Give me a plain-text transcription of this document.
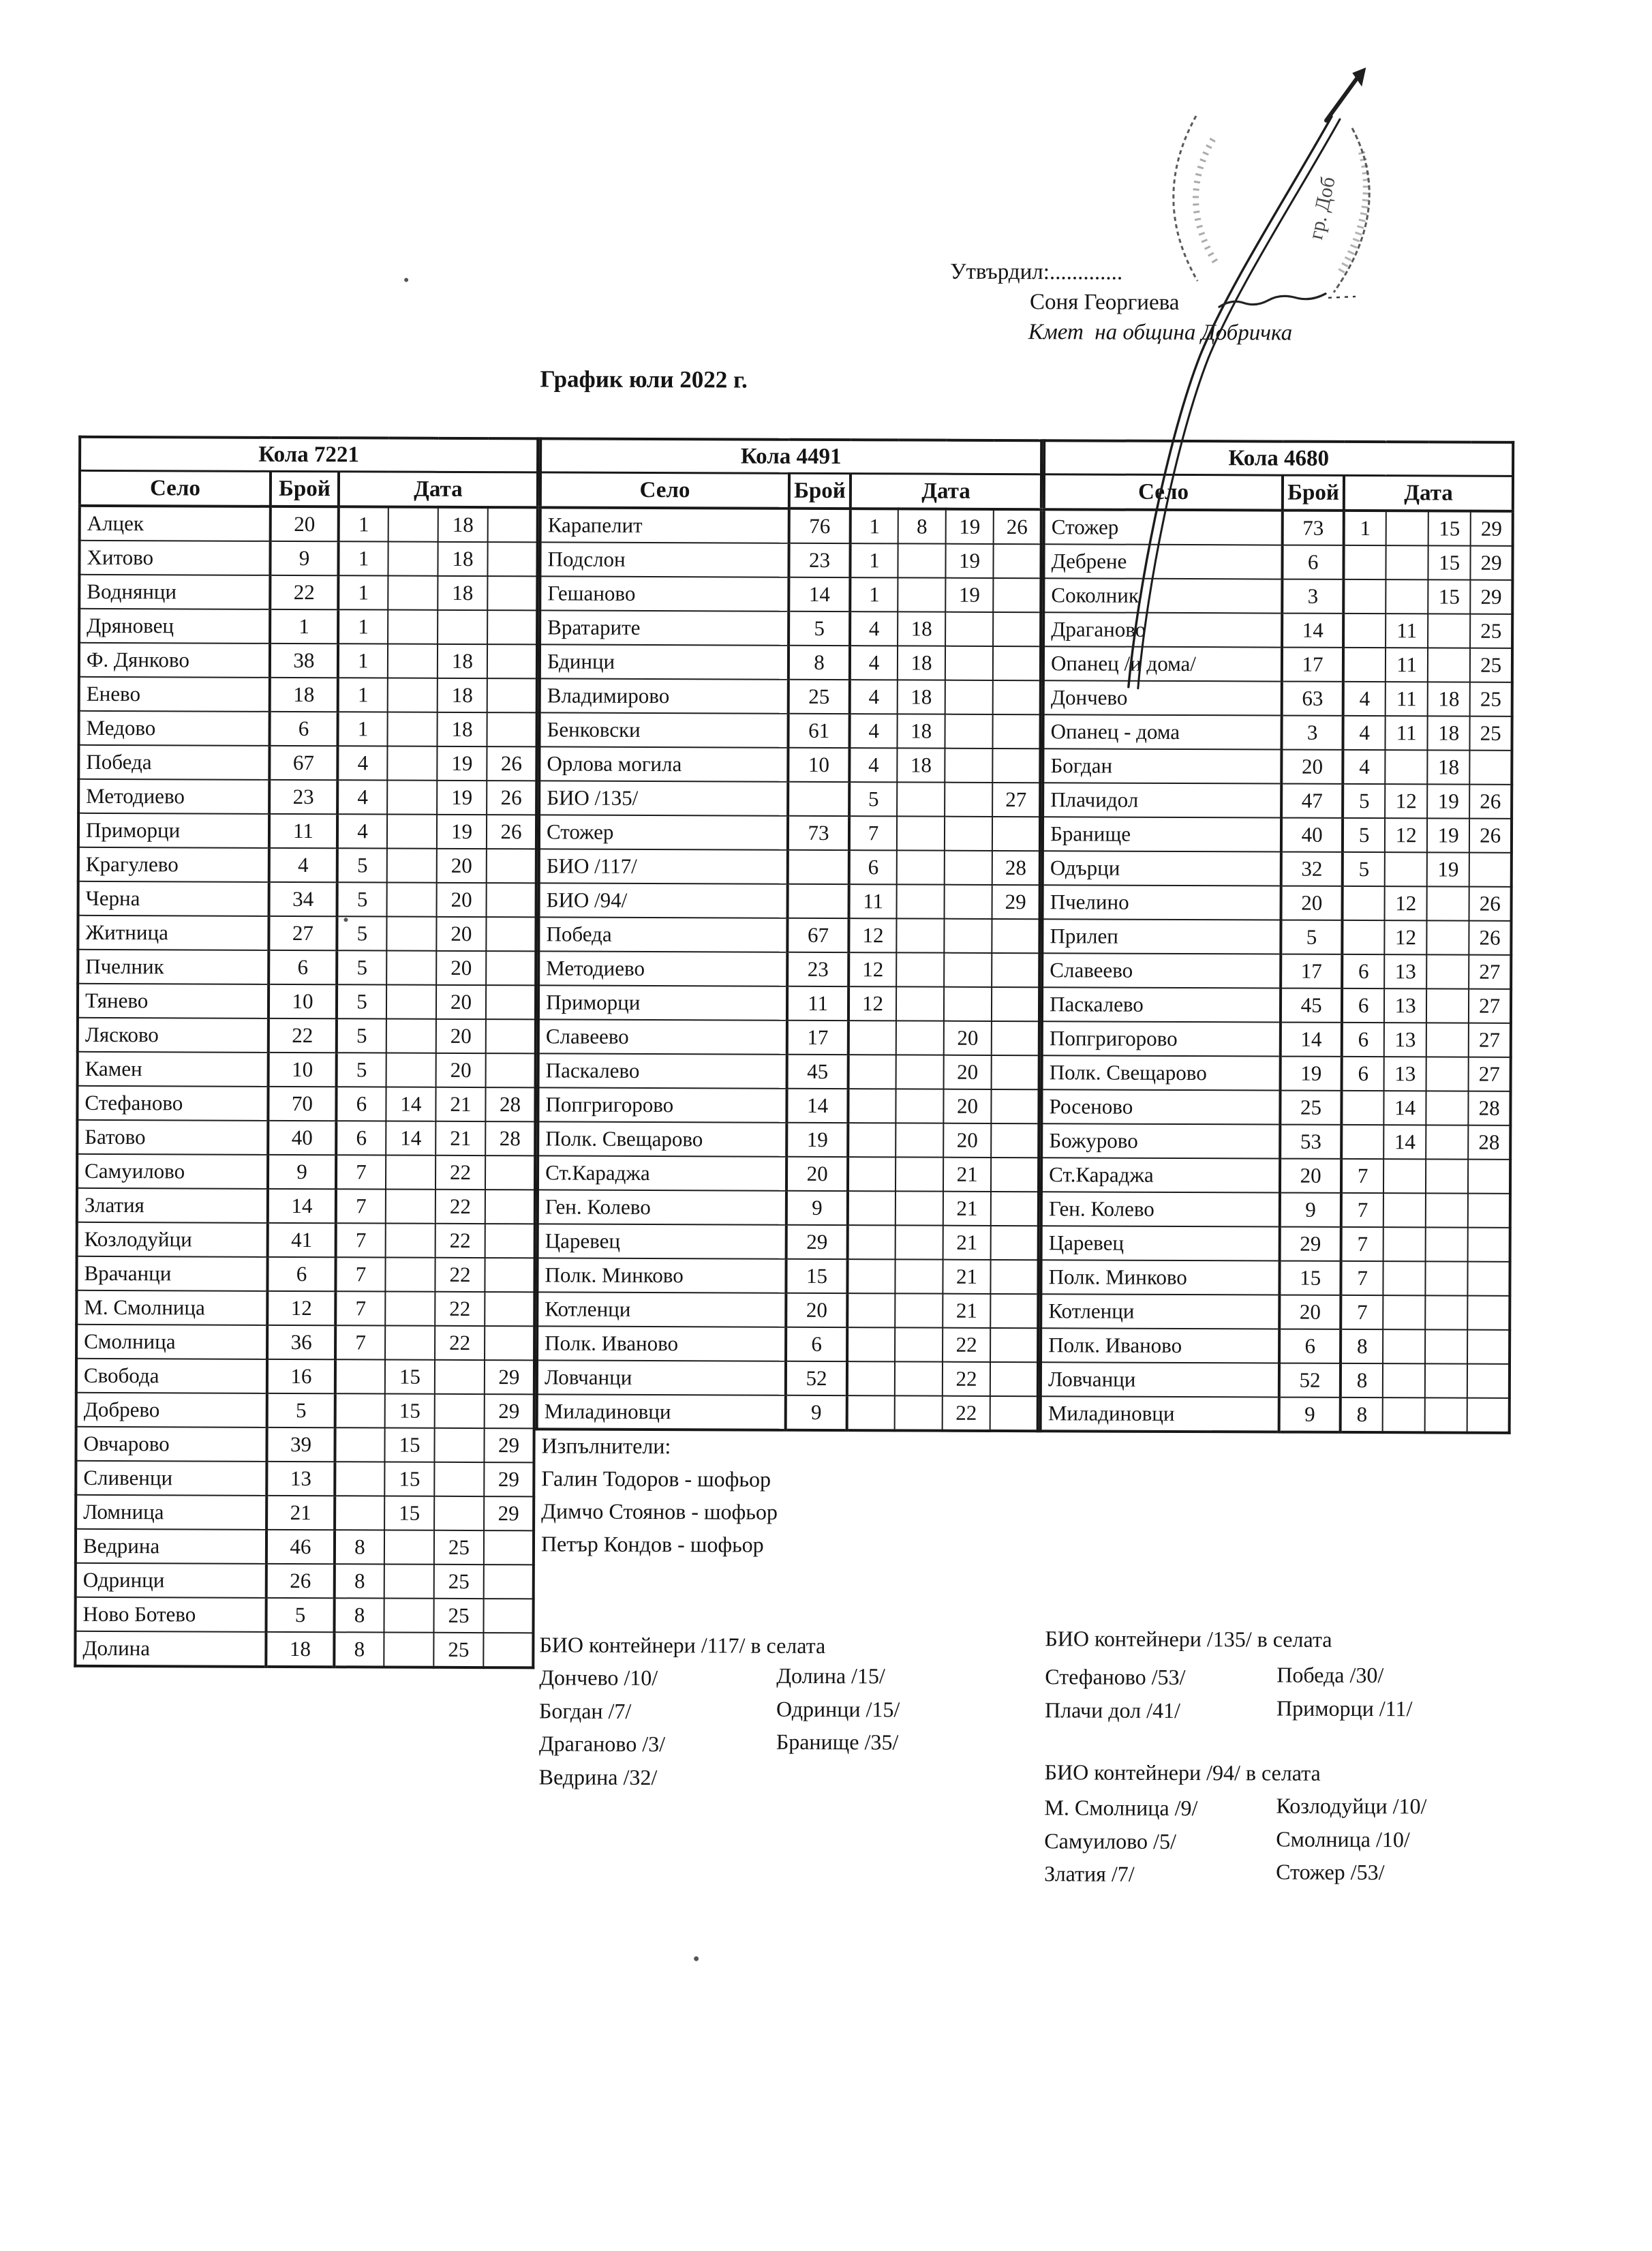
Утвърдил:.............
Соня Георгиева
Кмет  на община Добричка
График юли 2022 г.
Кола 7221					
Село	Брой	Дата			
Алцек	20	1		18	
Хитово	9	1		18	
Воднянци	22	1		18	
Дряновец	1	1			
Ф. Дянково	38	1		18	
Енево	18	1		18	
Медово	6	1		18	
Победа	67	4		19	26
Методиево	23	4		19	26
Приморци	11	4		19	26
Крагулево	4	5		20	
Черна	34	5		20	
Житница	27	5		20	
Пчелник	6	5		20	
Тянево	10	5		20	
Лясково	22	5		20	
Камен	10	5		20	
Стефаново	70	6	14	21	28
Батово	40	6	14	21	28
Самуилово	9	7		22	
Златия	14	7		22	
Козлодуйци	41	7		22	
Врачанци	6	7		22	
М. Смолница	12	7		22	
Смолница	36	7		22	
Свобода	16		15		29
Добрево	5		15		29
Овчарово	39		15		29
Сливенци	13		15		29
Ломница	21		15		29
Ведрина	46	8		25	
Одринци	26	8		25	
Ново Ботево	5	8		25	
Долина	18	8		25	
Кола 4491					
Село	Брой	Дата			
Карапелит	76	1	8	19	26
Подслон	23	1		19	
Гешаново	14	1		19	
Вратарите	5	4	18		
Бдинци	8	4	18		
Владимирово	25	4	18		
Бенковски	61	4	18		
Орлова могила	10	4	18		
БИО /135/		5			27
Стожер	73	7			
БИО /117/		6			28
БИО /94/		11			29
Победа	67	12			
Методиево	23	12			
Приморци	11	12			
Славеево	17			20	
Паскалево	45			20	
Попгригорово	14			20	
Полк. Свещарово	19			20	
Ст.Караджа	20			21	
Ген. Колево	9			21	
Царевец	29			21	
Полк. Минково	15			21	
Котленци	20			21	
Полк. Иваново	6			22	
Ловчанци	52			22	
Миладиновци	9			22	
Кола 4680					
Село	Брой	Дата			
Стожер	73	1		15	29
Дебрене	6			15	29
Соколник	3			15	29
Драганово	14		11		25
Опанец /и дома/	17		11		25
Дончево	63	4	11	18	25
Опанец - дома	3	4	11	18	25
Богдан	20	4		18	
Плачидол	47	5	12	19	26
Бранище	40	5	12	19	26
Одърци	32	5		19	
Пчелино	20		12		26
Прилеп	5		12		26
Славеево	17	6	13		27
Паскалево	45	6	13		27
Попгригорово	14	6	13		27
Полк. Свещарово	19	6	13		27
Росеново	25		14		28
Божурово	53		14		28
Ст.Караджа	20	7			
Ген. Колево	9	7			
Царевец	29	7			
Полк. Минково	15	7			
Котленци	20	7			
Полк. Иваново	6	8			
Ловчанци	52	8			
Миладиновци	9	8			
Изпълнители:
Галин Тодоров - шофьор
Димчо Стоянов - шофьор
Петър Кондов - шофьор
БИО контейнери /117/ в селата
Дончево /10/
Богдан /7/
Драганово /3/
Ведрина /32/
Долина /15/
Одринци /15/
Бранище /35/
БИО контейнери /135/ в селата
Стефаново /53/
Плачи дол /41/
Победа /30/
Приморци /11/
БИО контейнери /94/ в селата
М. Смолница /9/
Самуилово /5/
Златия /7/
Козлодуйци /10/
Смолница /10/
Стожер /53/
гр. Доб
